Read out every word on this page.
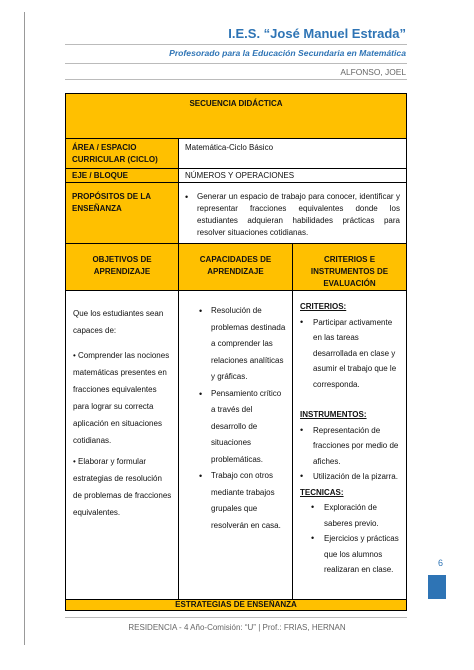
I.E.S. “José Manuel Estrada”
Profesorado para la Educación Secundaria en Matemática
ALFONSO, JOEL
SECUENCIA DIDÁCTICA
ÁREA / ESPACIO CURRICULAR (CICLO)
Matemática-Ciclo Básico
EJE / BLOQUE	NÚMEROS Y OPERACIONES
PROPÓSITOS DE LA ENSEÑANZA
• Generar un espacio de trabajo para conocer, identificar y representar fracciones equivalentes donde los estudiantes adquieran habilidades prácticas para resolver situaciones cotidianas.
OBJETIVOS DE APRENDIZAJE
CAPACIDADES DE APRENDIZAJE
CRITERIOS E INSTRUMENTOS DE EVALUACIÓN

Que los estudiantes sean capaces de:

• Comprender las nociones matemáticas presentes en fracciones equivalentes para lograr su correcta aplicación en situaciones cotidianas.
• Elaborar y formular estrategias de resolución de problemas de fracciones equivalentes.
• Resolución de problemas destinada a comprender las relaciones analíticas y gráficas.
• Pensamiento crítico a través del desarrollo de situaciones problemáticas.
• Trabajo con otros mediante trabajos grupales que resolverán en casa.

CRITERIOS:

• Participar activamente en las tareas desarrollada en clase y asumir el trabajo que le corresponda.

INSTRUMENTOS:

• Representación de fracciones por medio de afiches.
• Utilización de la pizarra.

TECNICAS:

• Exploración de saberes previo.
• Ejercicios y prácticas que los alumnos realizaran en clase.
ESTRATEGIAS DE ENSEÑANZA
6
RESIDENCIA - 4 Año-Comisión: “U” | Prof.: FRIAS, HERNAN
